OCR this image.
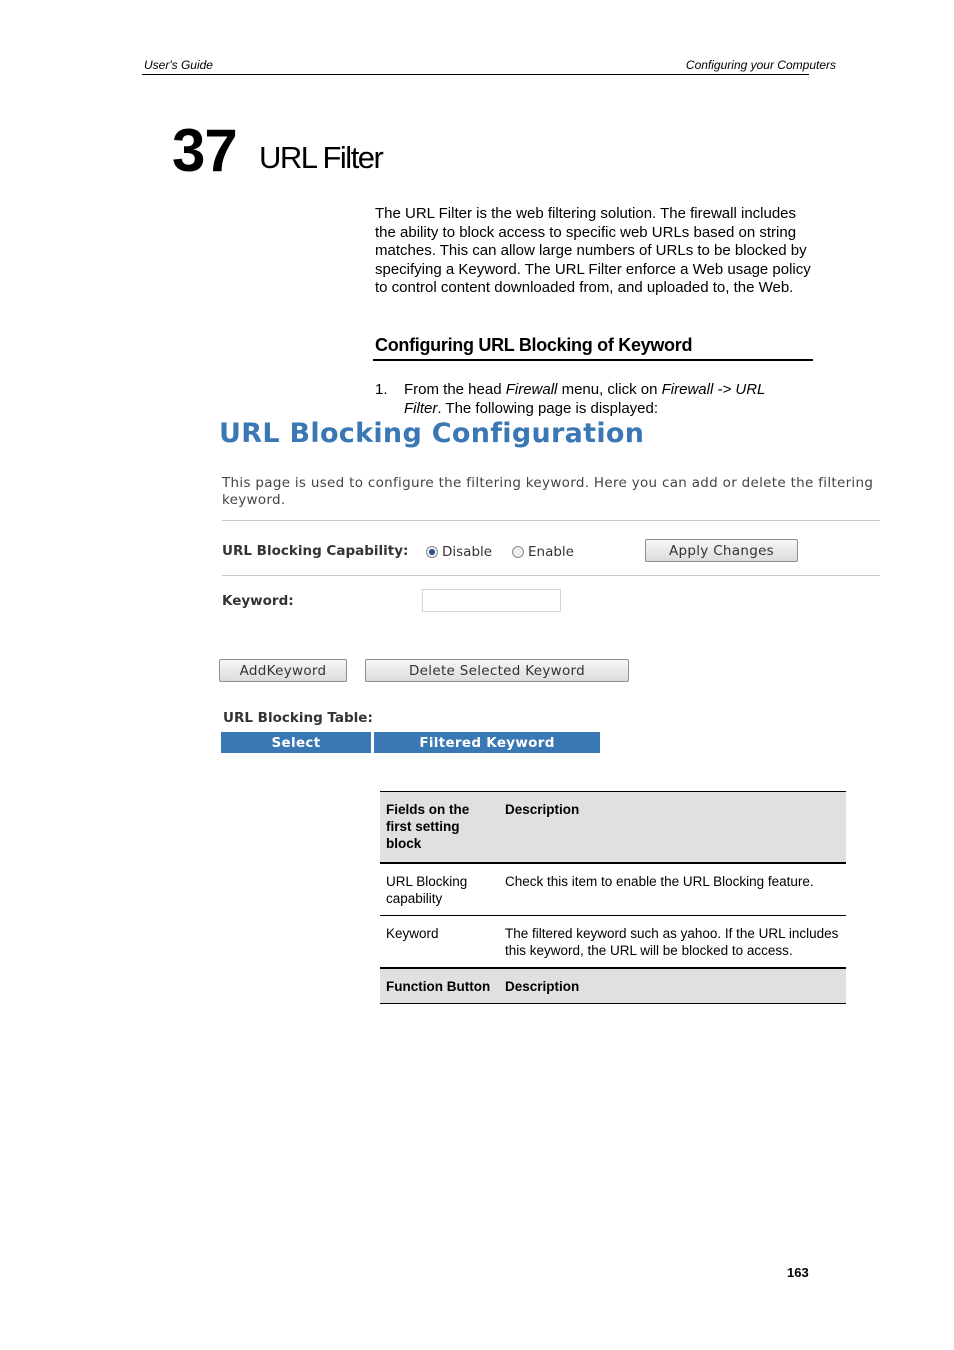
User's Guide	Configuring your Computers
37 URL Filter

The URL Filter is the web filtering solution. The firewall includes the ability to block access to specific web URLs based on string matches. This can allow large numbers of URLs to be blocked by specifying a Keyword. The URL Filter enforce a Web usage policy to control content downloaded from, and uploaded to, the Web.

Configuring URL Blocking of Keyword
1. From the head Firewall menu, click on Firewall -> URL Filter. The following page is displayed:
URL Blocking Configuration
This page is used to configure the filtering keyword. Here you can add or delete the filtering keyword.
URL Blocking Capability: Disable	Enable	Apply Changes
Keyword:
AddKeyword	Delete Selected Keyword
URL Blocking Table:
Select	Filtered Keyword
Fields on the first setting block	Description
URL Blocking capability	Check this item to enable the URL Blocking feature.
Keyword	The filtered keyword such as yahoo. If the URL includes this keyword, the URL will be blocked to access.
Function Button	Description
163
